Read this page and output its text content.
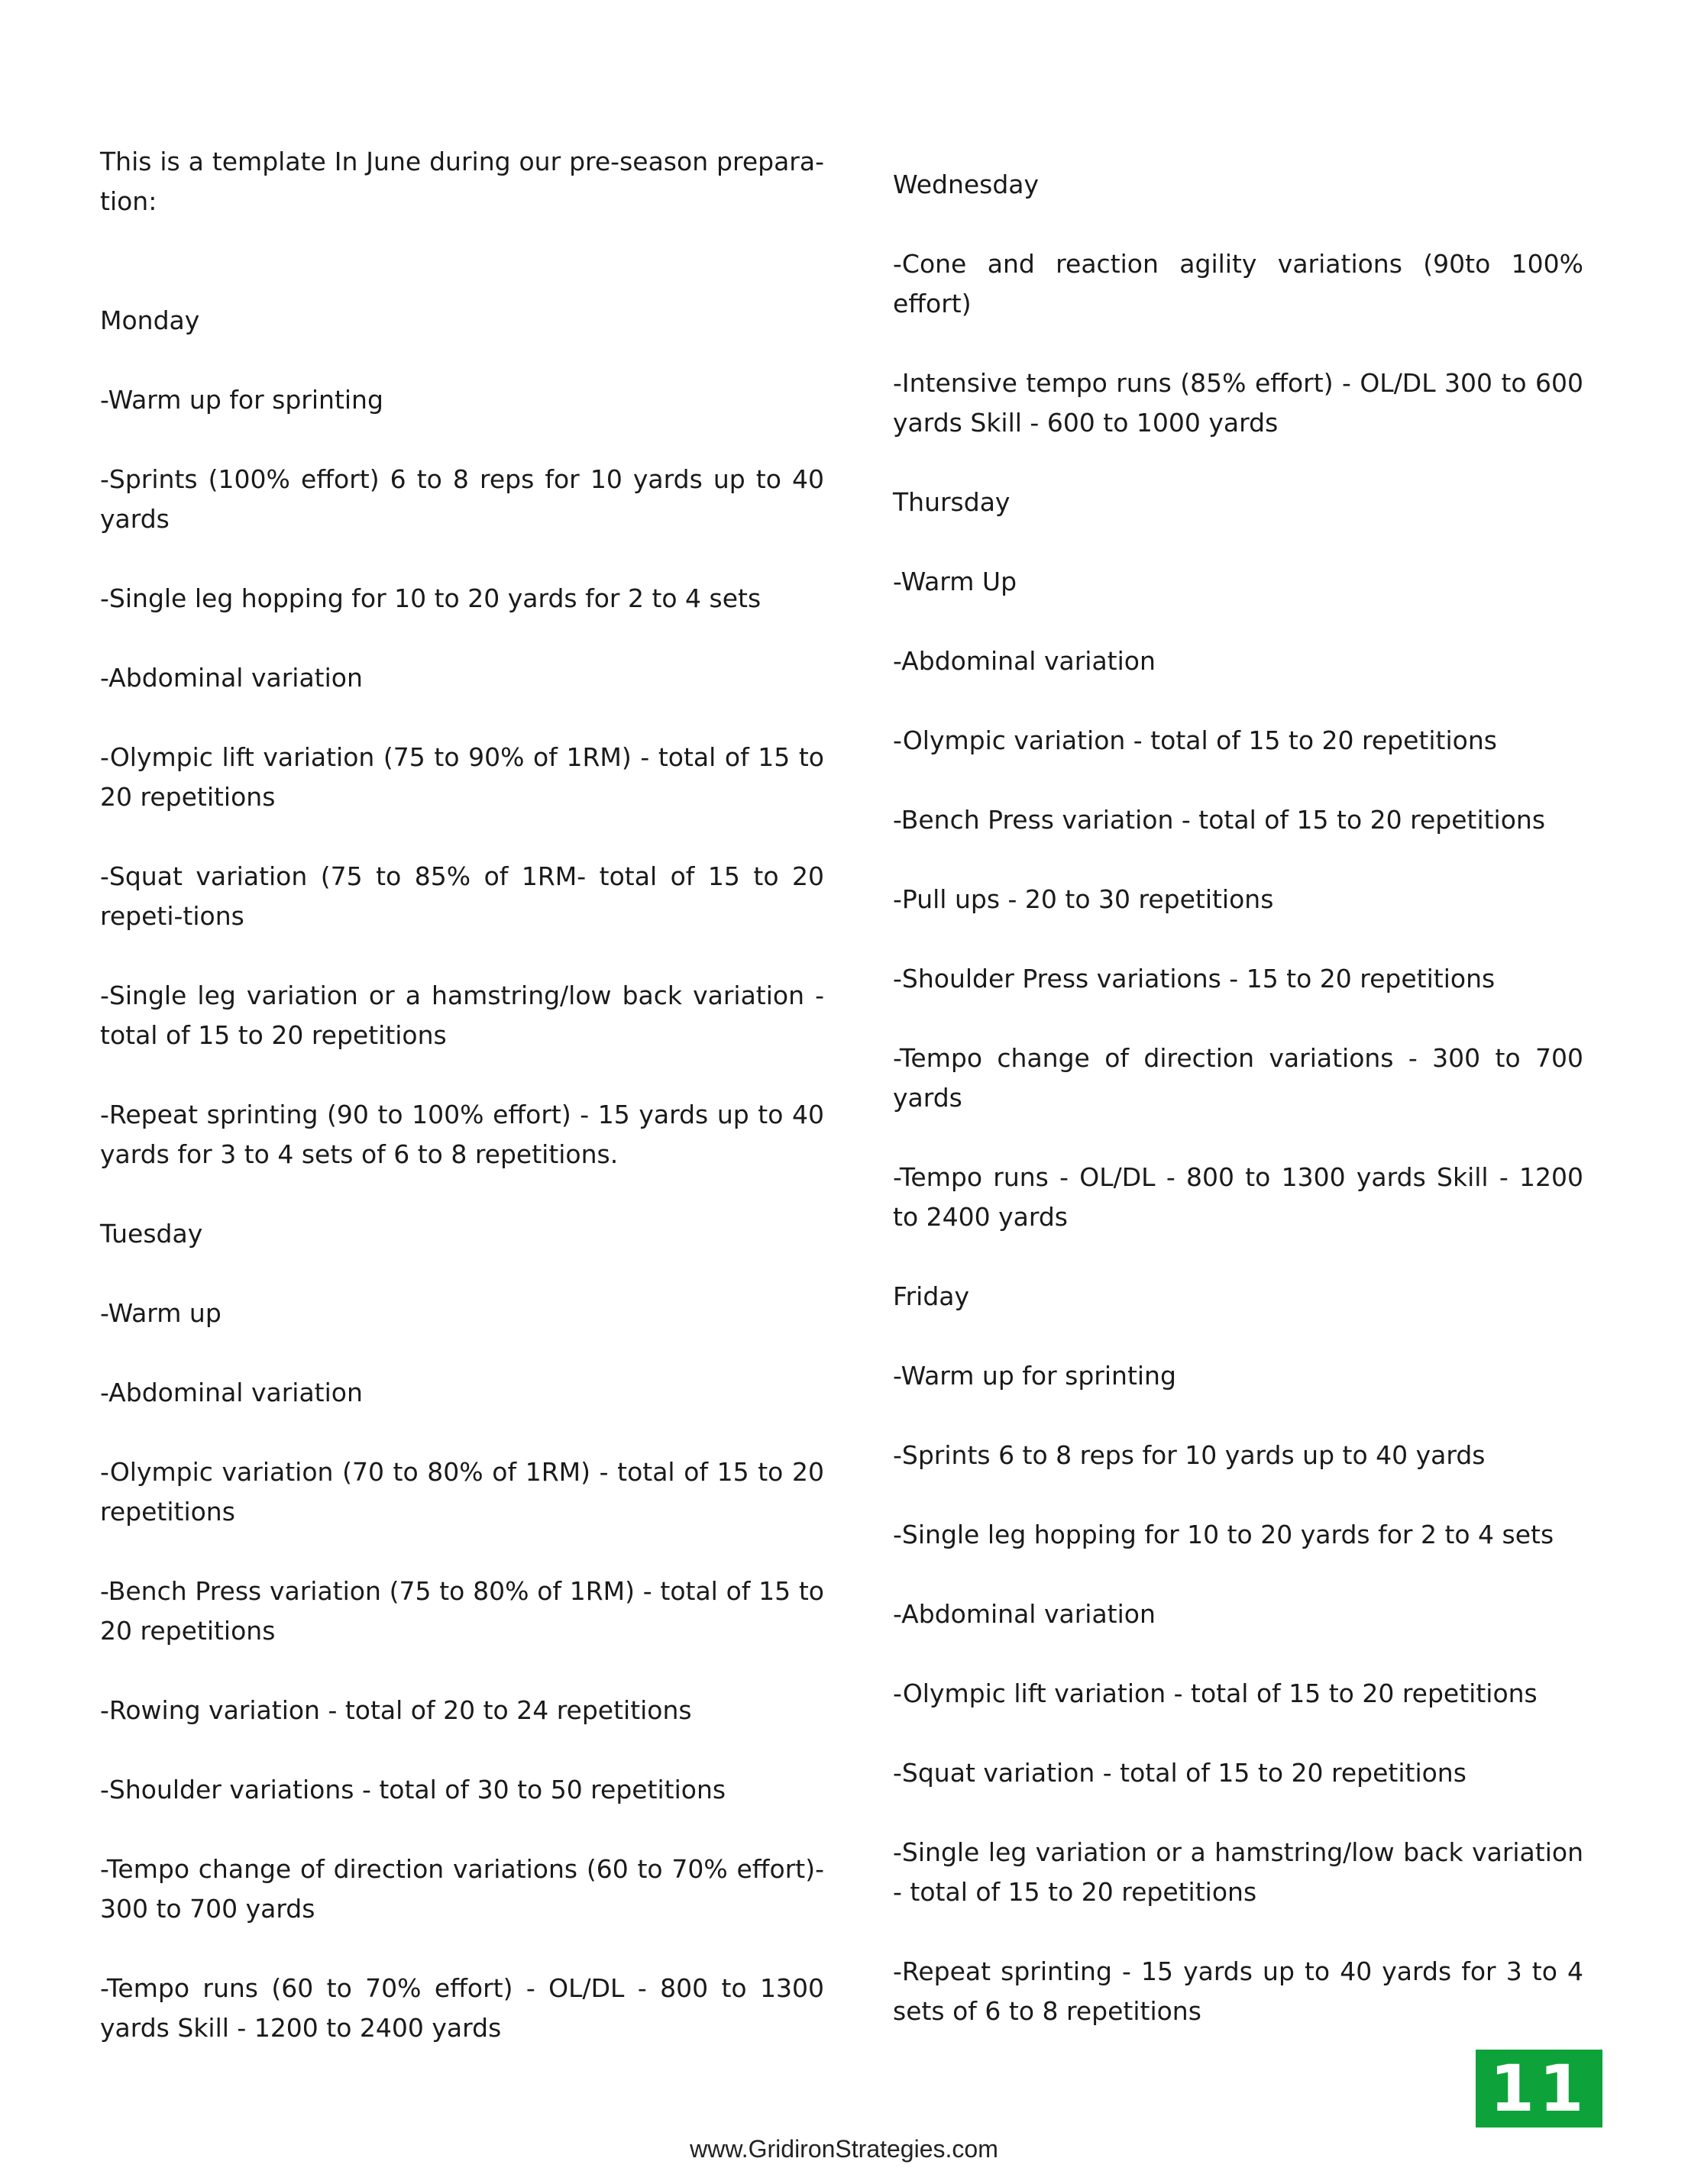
This is a template In June during our pre-season prepara-tion:

Monday

-Warm up for sprinting

-Sprints (100% effort) 6 to 8 reps for 10 yards up to 40 yards

-Single leg hopping for 10 to 20 yards for 2 to 4 sets

-Abdominal variation

-Olympic lift variation (75 to 90% of 1RM) - total of 15 to 20 repetitions

-Squat variation (75 to 85% of 1RM- total of 15 to 20 repeti-tions

-Single leg variation or a hamstring/low back variation - total of 15 to 20 repetitions

-Repeat sprinting (90 to 100% effort) - 15 yards up to 40 yards for 3 to 4 sets of 6 to 8 repetitions.

Tuesday

-Warm up

-Abdominal variation

-Olympic variation (70 to 80% of 1RM) - total of 15 to 20 repetitions

-Bench Press variation (75 to 80% of 1RM) - total of 15 to 20 repetitions

-Rowing variation - total of 20 to 24 repetitions

-Shoulder variations - total of 30 to 50 repetitions

-Tempo change of direction variations (60 to 70% effort)- 300 to 700 yards

-Tempo runs (60 to 70% effort) - OL/DL - 800 to 1300 yards Skill - 1200 to 2400 yards

Wednesday

-Cone and reaction agility variations (90to 100% effort)

-Intensive tempo runs (85% effort) - OL/DL 300 to 600 yards Skill - 600 to 1000 yards

Thursday

-Warm Up

-Abdominal variation

-Olympic variation - total of 15 to 20 repetitions

-Bench Press variation - total of 15 to 20 repetitions

-Pull ups - 20 to 30 repetitions

-Shoulder Press variations - 15 to 20 repetitions

-Tempo change of direction variations - 300 to 700 yards

-Tempo runs - OL/DL - 800 to 1300 yards Skill - 1200 to 2400 yards

Friday

-Warm up for sprinting

-Sprints 6 to 8 reps for 10 yards up to 40 yards

-Single leg hopping for 10 to 20 yards for 2 to 4 sets

-Abdominal variation

-Olympic lift variation - total of 15 to 20 repetitions

-Squat variation - total of 15 to 20 repetitions

-Single leg variation or a hamstring/low back variation - total of 15 to 20 repetitions

-Repeat sprinting - 15 yards up to 40 yards for 3 to 4 sets of 6 to 8 repetitions

11
www.GridironStrategies.com
